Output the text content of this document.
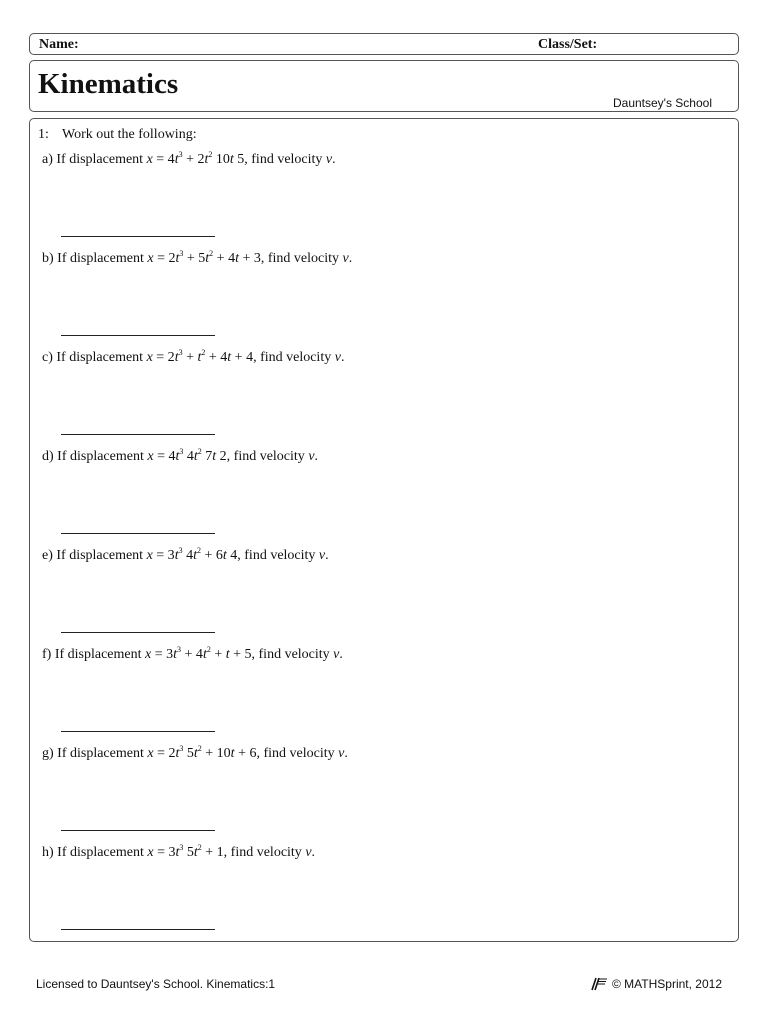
Name:	Class/Set:
Kinematics
Dauntsey's School
1: Work out the following:
a) If displacement $x = 4t^3 + 2t^2$ 10t 5, find velocity v.
b) If displacement $x = 2t^3 + 5t^2 + 4t + 3$, find velocity v.
c) If displacement $x = 2t^3 + t^2 + 4t + 4$, find velocity v.
d) If displacement $x = 4t^3$ $4t^2$ 7t 2, find velocity v.
e) If displacement $x = 3t^3$ $4t^2 + 6t$ 4, find velocity v.
f) If displacement $x = 3t^3 + 4t^2 + t + 5$, find velocity v.
g) If displacement $x = 2t^3$ $5t^2 + 10t + 6$, find velocity v.
h) If displacement $x = 3t^3$ $5t^2 + 1$, find velocity v.
Licensed to Dauntsey's School. Kinematics:1	© MATHSprint, 2012
